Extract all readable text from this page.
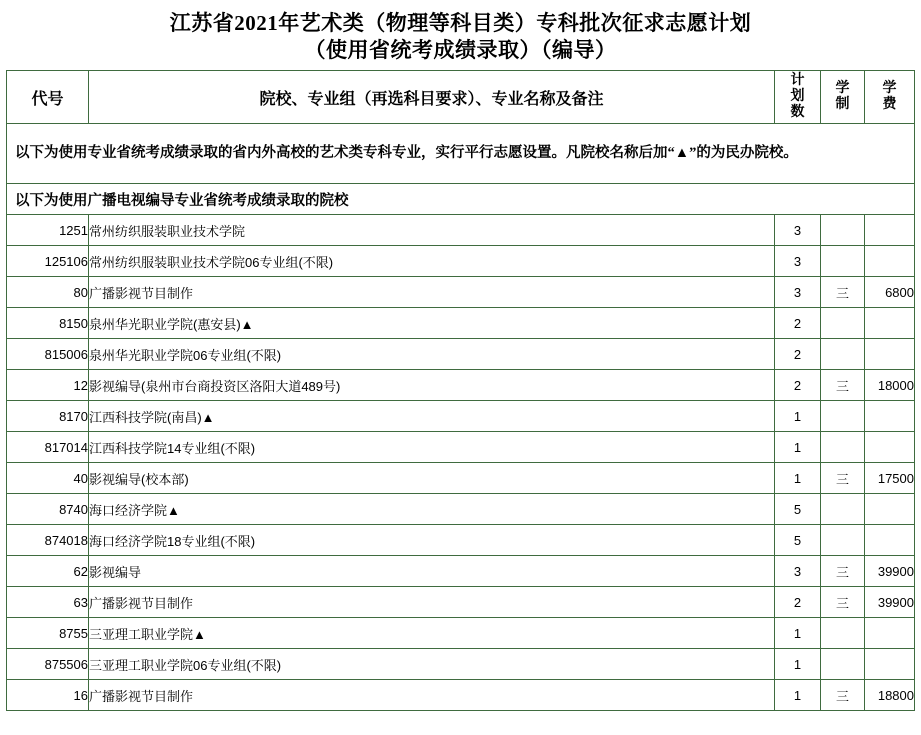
江苏省2021年艺术类（物理等科目类）专科批次征求志愿计划
（使用省统考成绩录取）（编导）
代号	院校、专业组（再选科目要求）、专业名称及备注	计划数	学制	学费

以下为使用专业省统考成绩录取的省内外高校的艺术类专科专业，实行平行志愿设置。凡院校名称后加“▲”的为民办院校。				
以下为使用广播电视编导专业省统考成绩录取的院校				
1251	常州纺织服装职业技术学院	3		
125106	常州纺织服装职业技术学院06专业组(不限)	3		
80	广播影视节目制作	3	三	6800
8150	泉州华光职业学院(惠安县)▲	2		
815006	泉州华光职业学院06专业组(不限)	2		
12	影视编导(泉州市台商投资区洛阳大道489号)	2	三	18000
8170	江西科技学院(南昌)▲	1		
817014	江西科技学院14专业组(不限)	1		
40	影视编导(校本部)	1	三	17500
8740	海口经济学院▲	5		
874018	海口经济学院18专业组(不限)	5		
62	影视编导	3	三	39900
63	广播影视节目制作	2	三	39900
8755	三亚理工职业学院▲	1		
875506	三亚理工职业学院06专业组(不限)	1		
16	广播影视节目制作	1	三	18800
